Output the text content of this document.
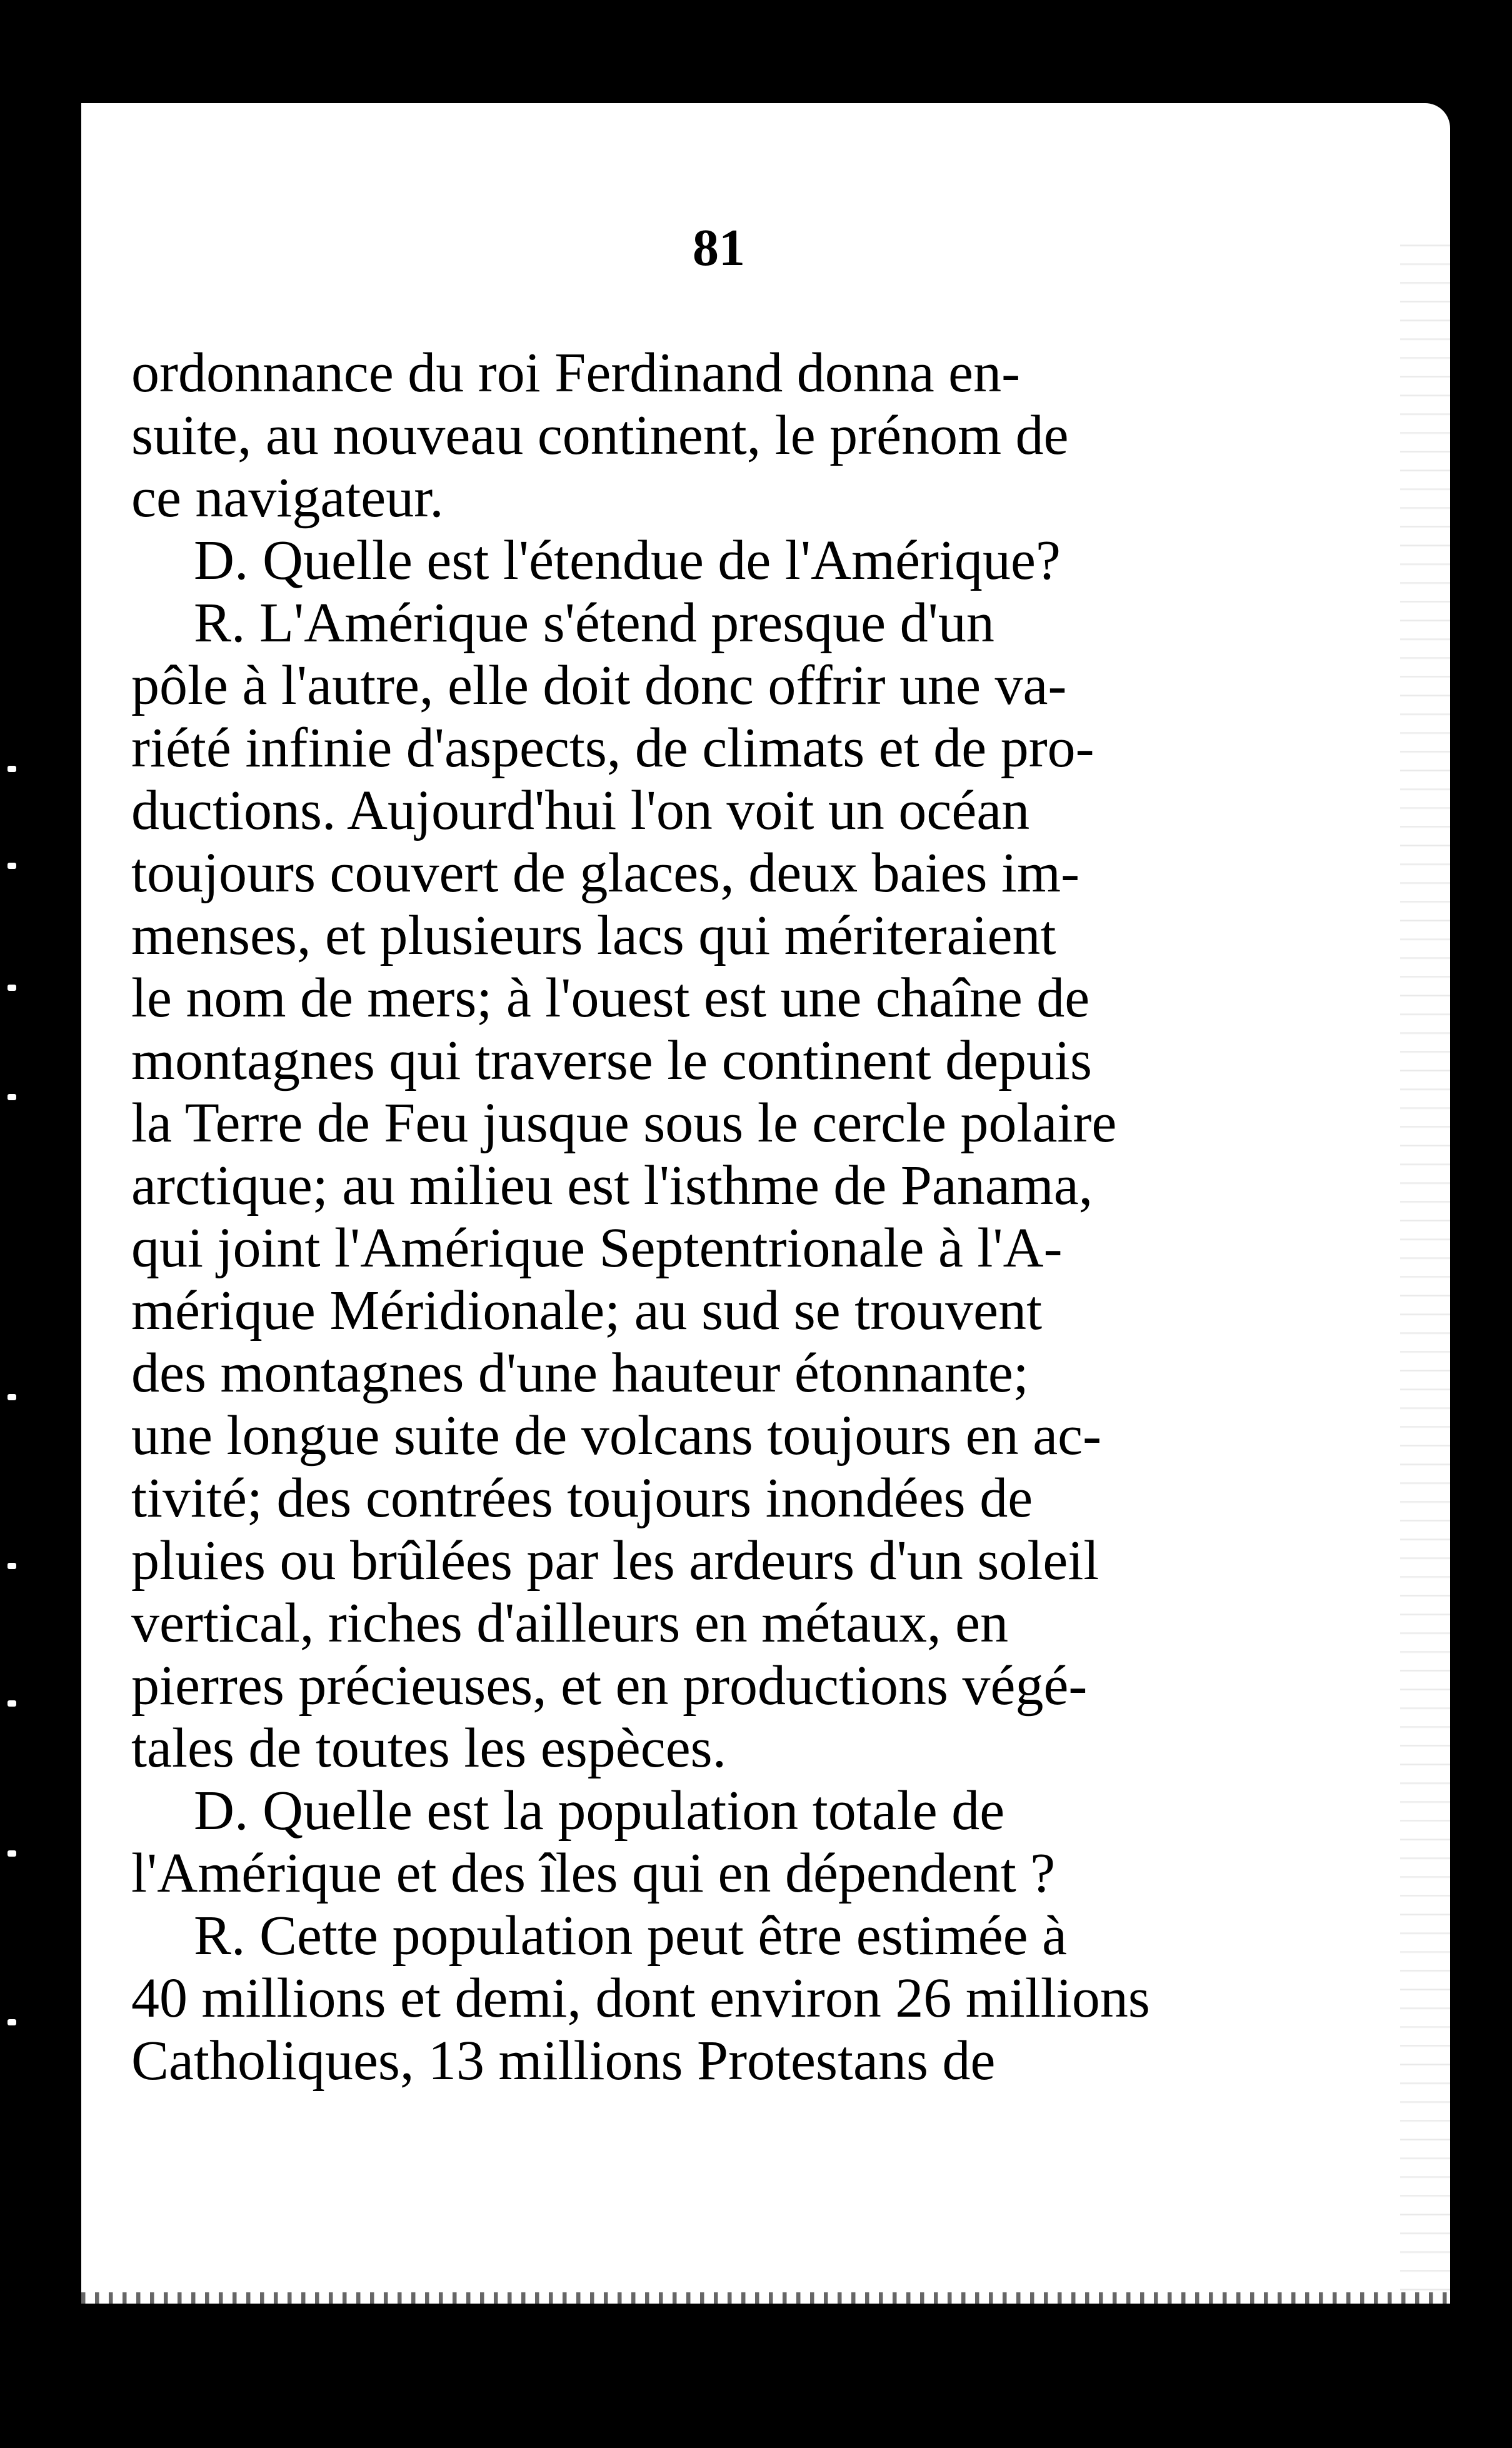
81
ordonnance du roi Ferdinand donna en-
suite, au nouveau continent, le prénom de
ce navigateur.
D. Quelle est l'étendue de l'Amérique?
R. L'Amérique s'étend presque d'un
pôle à l'autre, elle doit donc offrir une va-
riété infinie d'aspects, de climats et de pro-
ductions. Aujourd'hui l'on voit un océan
toujours couvert de glaces, deux baies im-
menses, et plusieurs lacs qui mériteraient
le nom de mers; à l'ouest est une chaîne de
montagnes qui traverse le continent depuis
la Terre de Feu jusque sous le cercle polaire
arctique; au milieu est l'isthme de Panama,
qui joint l'Amérique Septentrionale à l'A-
mérique Méridionale; au sud se trouvent
des montagnes d'une hauteur étonnante;
une longue suite de volcans toujours en ac-
tivité; des contrées toujours inondées de
pluies ou brûlées par les ardeurs d'un soleil
vertical, riches d'ailleurs en métaux, en
pierres précieuses, et en productions végé-
tales de toutes les espèces.
D. Quelle est la population totale de
l'Amérique et des îles qui en dépendent ?
R. Cette population peut être estimée à
40 millions et demi, dont environ 26 millions
Catholiques, 13 millions Protestans de
